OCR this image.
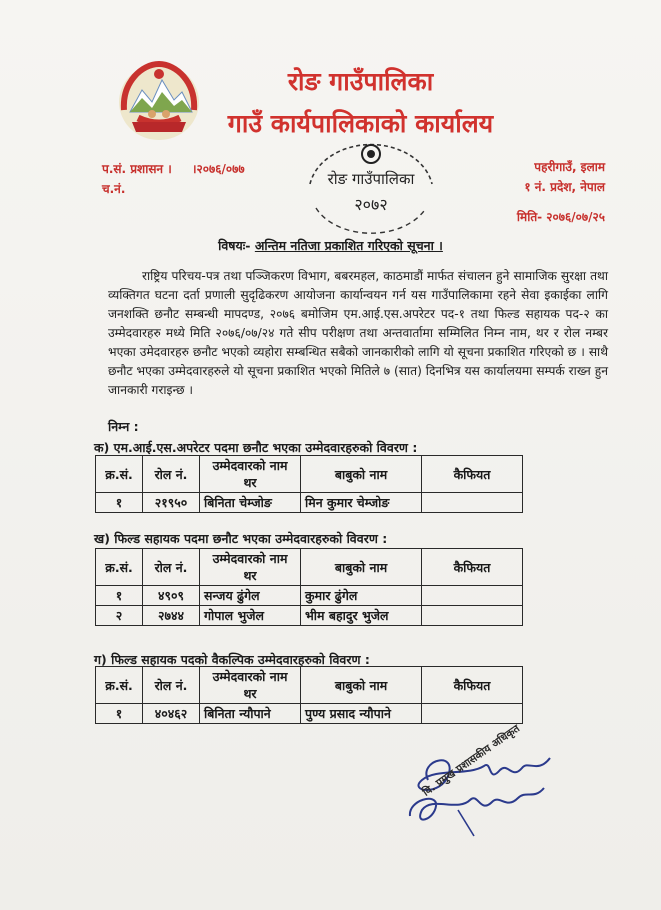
रोङ गाउँपालिका
गाउँ कार्यपालिकाको कार्यालय
प.सं. प्रशासन । ।२०७६/०७७
च.नं.
पहरीगाउँ, इलाम
१ नं. प्रदेश, नेपाल
मिति- २०७६/०७/२५
रोङ गाउँपालिका
२०७२
विषयः- अन्तिम नतिजा प्रकाशित गरिएको सूचना ।

राष्ट्रिय परिचय-पत्र तथा पञ्जिकरण विभाग, बबरमहल, काठमाडौं मार्फत संचालन हुने सामाजिक सुरक्षा तथा व्यक्तिगत घटना दर्ता प्रणाली सुदृढिकरण आयोजना कार्यान्वयन गर्न यस गाउँपालिकामा रहने सेवा इकाईका लागि जनशक्ति छनौट सम्बन्धी मापदण्ड, २०७६ बमोजिम एम.आई.एस.अपरेटर पद-१ तथा फिल्ड सहायक पद-२ का उम्मेदवारहरु मध्ये मिति २०७६/०७/२४ गते सीप परीक्षण तथा अन्तवार्तामा सम्मिलित निम्न नाम, थर र रोल नम्बर भएका उमेदवारहरु छनौट भएको व्यहोरा सम्बन्धित सबैको जानकारीको लागि यो सूचना प्रकाशित गरिएको छ । साथै छनौट भएका उम्मेदवारहरुले यो सूचना प्रकाशित भएको मितिले ७ (सात) दिनभित्र यस कार्यालयमा सम्पर्क राख्न हुन जानकारी गराइन्छ ।

निम्न :
क) एम.आई.एस.अपरेटर पदमा छनौट भएका उम्मेदवारहरुको विवरण :
क्र.सं.	रोल नं.	उम्मेदवारको नाम थर	बाबुको नाम	कैफियत
१	२१९५०	बिनिता चेम्जोङ	मिन कुमार चेम्जोङ	
ख) फिल्ड सहायक पदमा छनौट भएका उम्मेदवारहरुको विवरण :
क्र.सं.	रोल नं.	उम्मेदवारको नाम थर	बाबुको नाम	कैफियत
१	४९०९	सन्जय ढुंगेल	कुमार ढुंगेल	
२	२७४४	गोपाल भुजेल	भीम बहादुर भुजेल	
ग) फिल्ड सहायक पदको वैकल्पिक उम्मेदवारहरुको विवरण :
क्र.सं.	रोल नं.	उम्मेदवारको नाम थर	बाबुको नाम	कैफियत
१	४०४६२	बिनिता न्यौपाने	पुण्य प्रसाद न्यौपाने	
वि. प्रमुख प्रशासकीय अधिकृत
